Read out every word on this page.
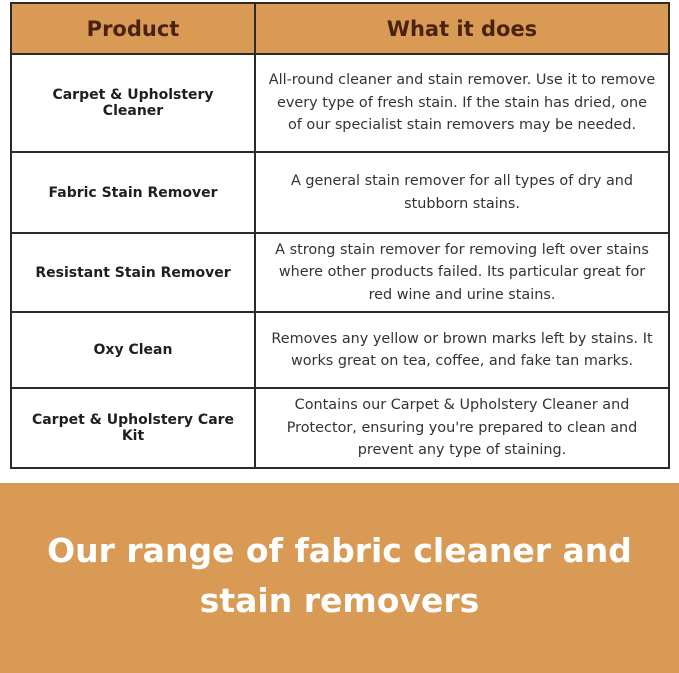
Product	What it does
Carpet & Upholstery Cleaner	All-round cleaner and stain remover. Use it to remove every type of fresh stain. If the stain has dried, one of our specialist stain removers may be needed.
Fabric Stain Remover	A general stain remover for all types of dry and stubborn stains.
Resistant Stain Remover	A strong stain remover for removing left over stains where other products failed. Its particular great for red wine and urine stains.
Oxy Clean	Removes any yellow or brown marks left by stains. It works great on tea, coffee, and fake tan marks.
Carpet & Upholstery Care Kit	Contains our Carpet & Upholstery Cleaner and Protector, ensuring you're prepared to clean and prevent any type of staining.
Our range of fabric cleaner and stain removers
